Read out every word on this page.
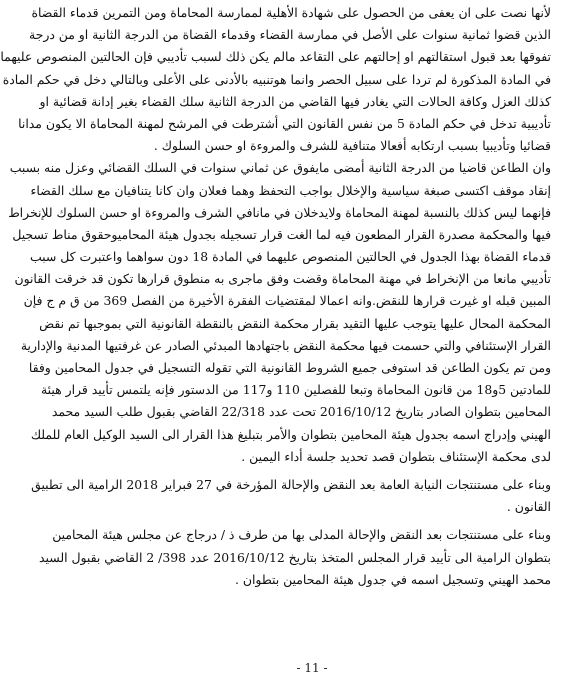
لأنها نصت على ان يعفى من الحصول على شهادة الأهلية لممارسة المحاماة ومن التمرين قدماء القضاة
الذين قضوا ثمانية سنوات على الأصل في ممارسة القضاء وقدماء القضاة من الدرجة الثانية او من درجة
تفوقها بعد قبول استقالتهم او إحالتهم على التقاعد مالم يكن ذلك لسبب تأديبي فإن الحالتين المنصوص عليهما
في المادة المذكورة لم تردا على سبيل الحصر وانما هوتنبيه بالأدنى على الأعلى وبالتالي دخل في حكم المادة
كذلك العزل وكافة الحالات التي يغادر فيها القاضي من الدرجة الثانية سلك القضاء بغير إدانة قضائية او
تأديبية تدخل في حكم المادة 5 من نفس القانون التي أشترطت في المرشح لمهنة المحاماة الا يكون مدانا
قضائيا وتأديبيا بسبب ارتكابه أفعالا متنافية للشرف والمروءة او حسن السلوك .
وان الطاعن قاضيا من الدرجة الثانية أمضى مايفوق عن ثماني سنوات في السلك القضائي وعزل منه بسبب
إنقاد موقف اكتسى صبغة سياسية والإخلال بواجب التحفظ وهما فعلان وان كانا يتنافيان مع سلك القضاء
فإنهما ليس كذلك بالنسبة لمهنة المحاماة ولايدخلان في مانافي الشرف والمروءة او حسن السلوك للإنخراط
فيها والمحكمة مصدرة القرار المطعون فيه لما الغت قرار تسجيله بجدول هيئة المحاميوحقوق مناط تسجيل
قدماء القضاة بهذا الجدول في الحالتين المنصوص عليهما في المادة 18 دون سواهما واعتبرت كل سبب
تأديبي مانعا من الإنخراط في مهنة المحاماة وقضت وفق ماجرى به منطوق قرارها تكون قد خرقت القانون
المبين قبله او غيرت قرارها للنقض.وانه اعمالا لمقتضيات الفقرة الأخيرة من الفصل 369 من ق م ج فإن
المحكمة المحال عليها يتوجب عليها التقيد بقرار محكمة النقض بالنقطة القانونية التي بموجبها تم نقض
القرار الإستئنافي والتي حسمت فيها محكمة النقض باجتهادها المبدئي الصادر عن غرفتيها المدنية والإدارية
ومن تم يكون الطاعن قد استوفى جميع الشروط القانونية التي تقوله التسجيل في جدول المحامين وفقا
للمادتين 5و18 من قانون المحاماة وتبعا للفصلين 110 و117 من الدستور فإنه يلتمس تأييد قرار هيئة
المحامين بتطوان الصادر بتاريخ 2016/10/12 تحت عدد 22/318 القاضي بقبول طلب السيد محمد
الهيني وإدراج اسمه بجدول هيئة المحامين بتطوان والأمر بتبليغ هذا القرار الى السيد الوكيل العام للملك
لدى محكمة الإستئناف بتطوان قصد تحديد جلسة أداء اليمين .
وبناء على مستنتجات النيابة العامة بعد النقض والإحالة المؤرخة في 27 فبراير 2018 الرامية الى تطبيق
القانون .
وبناء على مستنتجات بعد النقض والإحالة المدلى بها من طرف ذ / درجاج عن مجلس هيئة المحامين
بتطوان الرامية الى تأييد قرار المجلس المتخذ بتاريخ 2016/10/12 عدد 398/ 2 القاضي بقبول السيد
محمد الهيني وتسجيل اسمه في جدول هيئة المحامين بتطوان .
- 11 -
